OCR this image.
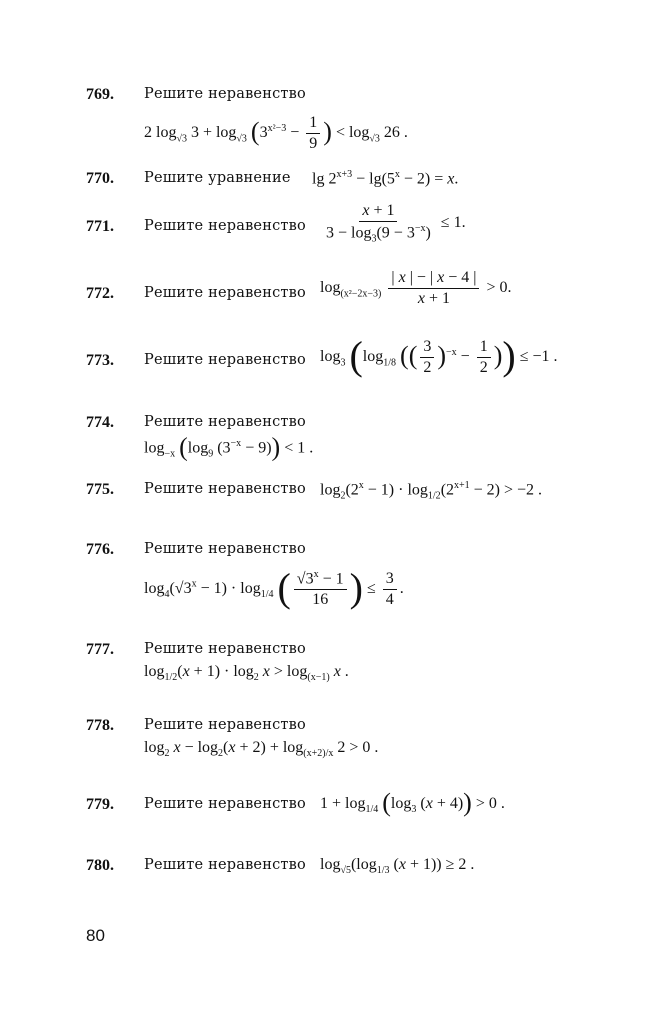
769. Решите неравенство
2 $\log_{√3} 3 + \log_{√3} (3^{x^2-3} - \frac{1}{9}$ ) < $\log_{√3} 26$ .
770. Решите уравнение $\lg 2^{x+3} - \lg(5^x - 2) = x$.
771. Решите неравенство $\frac{x + 1}{3 - \log_3(9 - 3^{-x})} \le 1$.
772. Решите неравенство $\log_{(x^2-2x-3)} \frac{| x | - | x - 4 |}{x + 1} > 0$.
773. Решите неравенство $\log_3 (\log_{1/8}$ (( $\frac{3}{2} )^{-x} - \frac{1}{2}$ )) ≤ −1 .
774. Решите неравенство
$\log_{-x} (\log_9$ $(3^{-x} - 9)) < 1$ .
775. Решите неравенство $\log_2(2^x - 1) \cdot \log_{1/2}(2^{x+1} - 2) > -2$ .
776. Решите неравенство
$\log_4(√3^x - 1) \cdot \log_{1/4}$ ( $\frac{√3^x - 1}{16}$ ) ≤ $\frac{3}{4}$ .
777. Решите неравенство
$\log_{1/2}(x + 1) \cdot \log_2 x > \log_{(x-1)} x$ .
778. Решите неравенство
$\log_2 x - \log_2(x + 2) + \log_{(x+2)/x} 2 > 0$ .
779. Решите неравенство $1 + \log_{1/4} (\log_3$ (x + 4)) > 0 .
780. Решите неравенство $\log_{√5}(\log_{1/3}$ (x + 1)) ≥ 2 .
80
